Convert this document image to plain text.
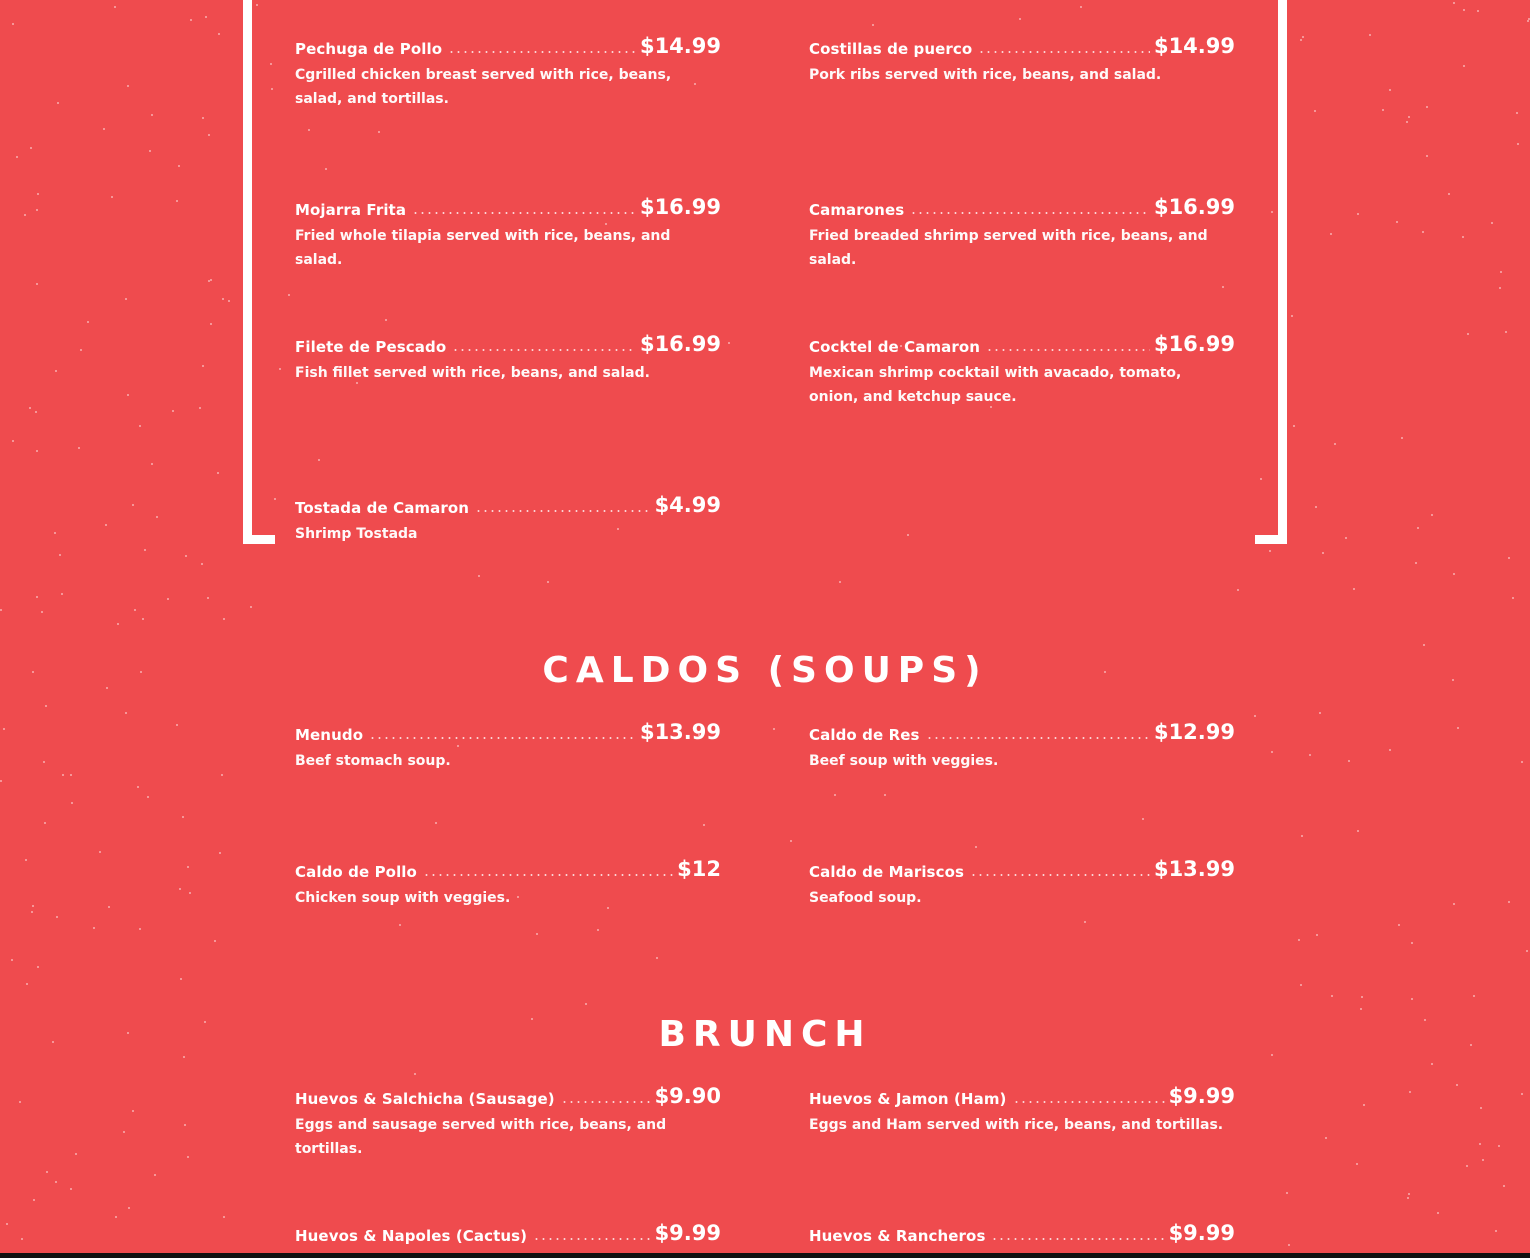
Pechuga de Pollo	$14.99
Cgrilled chicken breast served with rice, beans, salad, and tortillas.
Costillas de puerco	$14.99
Pork ribs served with rice, beans, and salad.
Mojarra Frita	$16.99
Fried whole tilapia served with rice, beans, and salad.
Camarones	$16.99
Fried breaded shrimp served with rice, beans, and salad.
Filete de Pescado	$16.99
Fish fillet served with rice, beans, and salad.
Cocktel de Camaron	$16.99
Mexican shrimp cocktail with avacado, tomato, onion, and ketchup sauce.
Tostada de Camaron	$4.99
Shrimp Tostada
CALDOS (SOUPS)
Menudo	$13.99
Beef stomach soup.
Caldo de Res	$12.99
Beef soup with veggies.
Caldo de Pollo	$12
Chicken soup with veggies.
Caldo de Mariscos	$13.99
Seafood soup.
BRUNCH
Huevos & Salchicha (Sausage)	$9.90
Eggs and sausage served with rice, beans, and tortillas.
Huevos & Jamon (Ham)	$9.99
Eggs and Ham served with rice, beans, and tortillas.
Huevos & Napoles (Cactus)	$9.99	Huevos & Rancheros	$9.99
